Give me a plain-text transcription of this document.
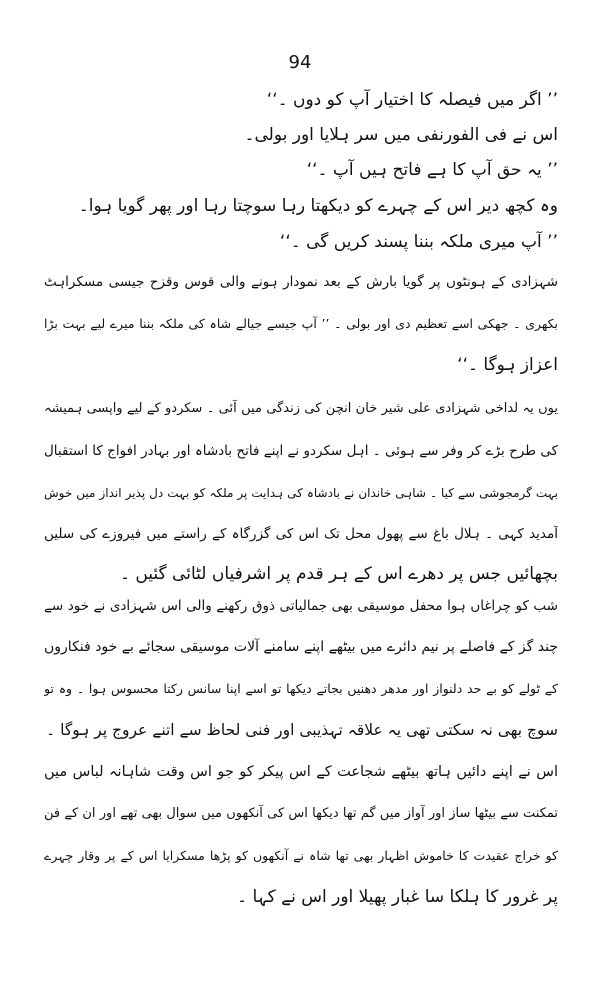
94
’’ اگر میں فیصلہ کا اختیار آپ کو دوں ۔‘‘
اس نے فی الفورنفی میں سر ہلایا اور بولی۔
’’ یہ حق آپ کا ہے فاتح ہیں آپ ۔‘‘
وہ کچھ دیر اس کے چہرے کو دیکھتا رہا سوچتا رہا اور پھر گویا ہوا۔
’’ آپ میری ملکہ بننا پسند کریں گی ۔‘‘
شہزادی کے ہونٹوں پر گویا بارش کے بعد نمودار ہونے والی قوس وقزح جیسی مسکراہٹ
بکھری ۔ جھکی اسے تعظیم دی اور بولی ۔ ’’ آپ جیسے جیالے شاہ کی ملکہ بننا میرے لیے بہت بڑا
اعزاز ہوگا ۔‘‘
یوں یہ لداخی شہزادی علی شیر خان انچن کی زندگی میں آئی ۔ سکردو کے لیے واپسی ہمیشہ
کی طرح بڑے کر وفر سے ہوئی ۔ اہل سکردو نے اپنے فاتح بادشاہ اور بہادر افواج کا استقبال
بہت گرمجوشی سے کیا ۔ شاہی خاندان نے بادشاہ کی ہدایت پر ملکہ کو بہت دل پذیر انداز میں خوش
آمدید کہی ۔ ہلال باغ سے پھول محل تک اس کی گزرگاہ کے راستے میں فیروزے کی سلیں
بچھائیں جس پر دھرے اس کے ہر قدم پر اشرفیاں لٹائی گئیں ۔
شب کو چراغاں ہوا محفل موسیقی بھی جمالیاتی ذوق رکھنے والی اس شہزادی نے خود سے
چند گز کے فاصلے پر نیم دائرے میں بیٹھے اپنے سامنے آلات موسیقی سجائے بے خود فنکاروں
کے ٹولے کو بے حد دلنواز اور مدھر دھنیں بجاتے دیکھا تو اسے اپنا سانس رکتا محسوس ہوا ۔ وہ تو
سوچ بھی نہ سکتی تھی یہ علاقہ تہذیبی اور فنی لحاظ سے اتنے عروج پر ہوگا ۔
اس نے اپنے دائیں ہاتھ بیٹھے شجاعت کے اس پیکر کو جو اس وقت شاہانہ لباس میں
تمکنت سے بیٹھا ساز اور آواز میں گم تھا دیکھا اس کی آنکھوں میں سوال بھی تھے اور ان کے فن
کو خراج عقیدت کا خاموش اظہار بھی تھا شاہ نے آنکھوں کو پڑھا مسکرایا اس کے پر وقار چہرے
پر غرور کا ہلکا سا غبار پھیلا اور اس نے کہا ۔
